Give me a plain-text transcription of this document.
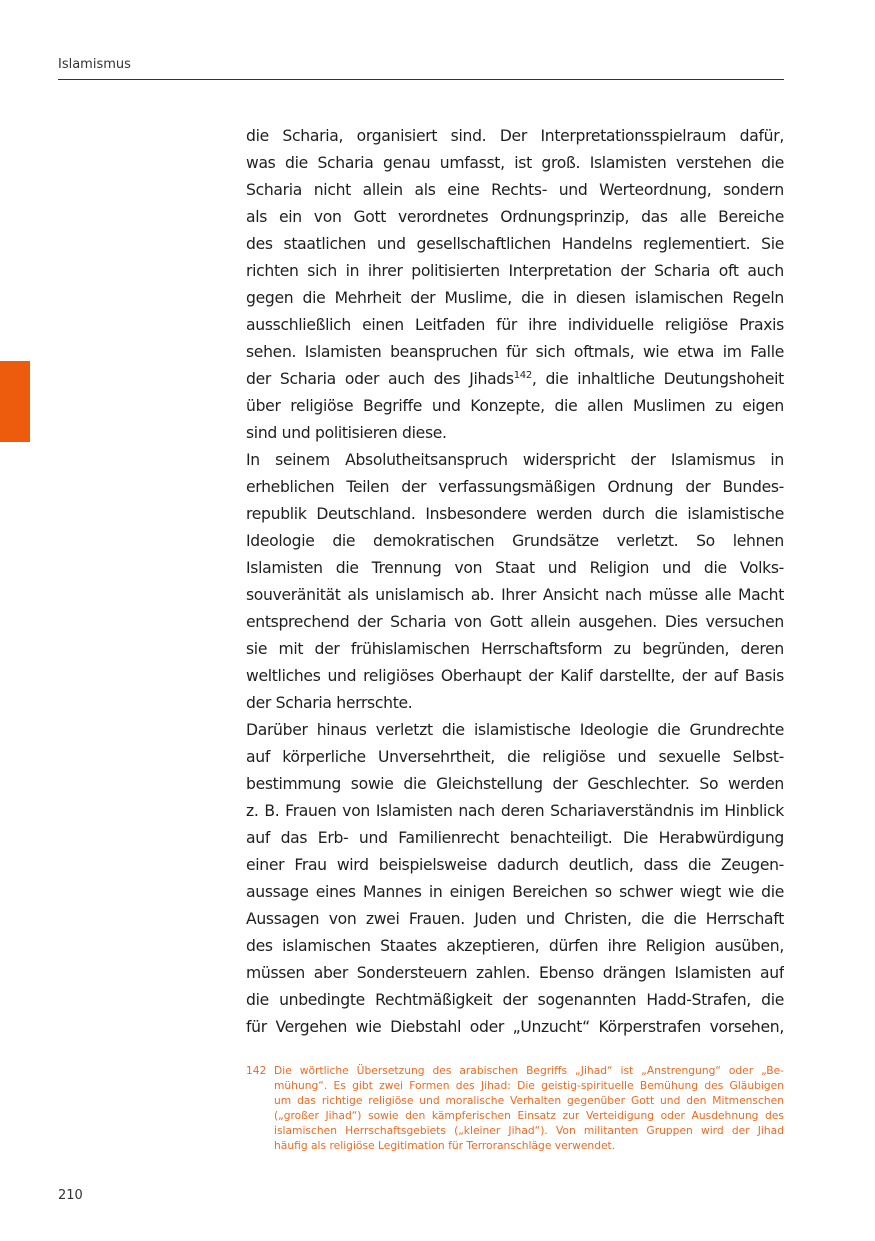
Islamismus
die Scharia, organisiert sind. Der Interpretationsspielraum dafür,
was die Scharia genau umfasst, ist groß. Islamisten verstehen die
Scharia nicht allein als eine Rechts- und Werteordnung, sondern
als ein von Gott verordnetes Ordnungsprinzip, das alle Bereiche
des staatlichen und gesellschaftlichen Handelns reglementiert. Sie
richten sich in ihrer politisierten Interpretation der Scharia oft auch
gegen die Mehrheit der Muslime, die in diesen islamischen Regeln
ausschließlich einen Leitfaden für ihre individuelle religiöse Praxis
sehen. Islamisten beanspruchen für sich oftmals, wie etwa im Falle
der Scharia oder auch des Jihads$^{142}$, die inhaltliche Deutungshoheit
über religiöse Begriffe und Konzepte, die allen Muslimen zu eigen
sind und politisieren diese.
In seinem Absolutheitsanspruch widerspricht der Islamismus in
erheblichen Teilen der verfassungsmäßigen Ordnung der Bundes-
republik Deutschland. Insbesondere werden durch die islamistische
Ideologie die demokratischen Grundsätze verletzt. So lehnen
Islamisten die Trennung von Staat und Religion und die Volks-
souveränität als unislamisch ab. Ihrer Ansicht nach müsse alle Macht
entsprechend der Scharia von Gott allein ausgehen. Dies versuchen
sie mit der frühislamischen Herrschaftsform zu begründen, deren
weltliches und religiöses Oberhaupt der Kalif darstellte, der auf Basis
der Scharia herrschte.
Darüber hinaus verletzt die islamistische Ideologie die Grundrechte
auf körperliche Unversehrtheit, die religiöse und sexuelle Selbst-
bestimmung sowie die Gleichstellung der Geschlechter. So werden
z. B. Frauen von Islamisten nach deren Schariaverständnis im Hinblick
auf das Erb- und Familienrecht benachteiligt. Die Herabwürdigung
einer Frau wird beispielsweise dadurch deutlich, dass die Zeugen-
aussage eines Mannes in einigen Bereichen so schwer wiegt wie die
Aussagen von zwei Frauen. Juden und Christen, die die Herrschaft
des islamischen Staates akzeptieren, dürfen ihre Religion ausüben,
müssen aber Sondersteuern zahlen. Ebenso drängen Islamisten auf
die unbedingte Rechtmäßigkeit der sogenannten Hadd-Strafen, die
für Vergehen wie Diebstahl oder „Unzucht“ Körperstrafen vorsehen,
142 Die wörtliche Übersetzung des arabischen Begriffs „Jihad“ ist „Anstrengung“ oder „Be-
mühung“. Es gibt zwei Formen des Jihad: Die geistig-spirituelle Bemühung des Gläubigen
um das richtige religiöse und moralische Verhalten gegenüber Gott und den Mitmenschen
(„großer Jihad“) sowie den kämpferischen Einsatz zur Verteidigung oder Ausdehnung des
islamischen Herrschaftsgebiets („kleiner Jihad“). Von militanten Gruppen wird der Jihad
häufig als religiöse Legitimation für Terroranschläge verwendet.
210
